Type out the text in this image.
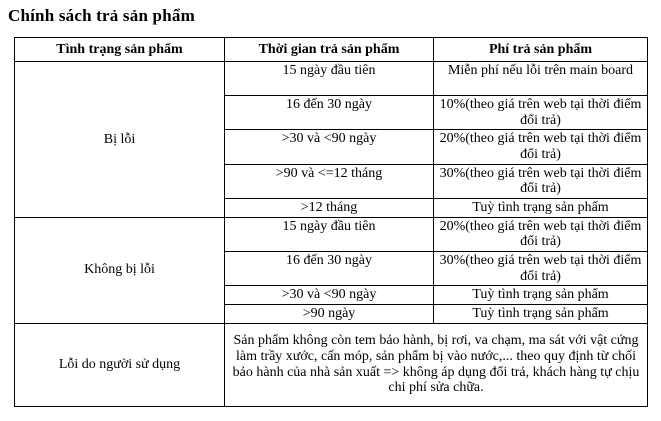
Chính sách trả sản phẩm
Tình trạng sản phẩm	Thời gian trả sản phẩm	Phí trả sản phẩm
Bị lỗi	15 ngày đầu tiên	Miễn phí nếu lỗi trên main board
	16 đến 30 ngày	10%(theo giá trên web tại thời điểm đổi trả)
	>30 và <90 ngày	20%(theo giá trên web tại thời điểm đổi trả)
	>90 và <=12 tháng	30%(theo giá trên web tại thời điểm đổi trả)
	>12 tháng	Tuỳ tình trạng sản phẩm
Không bị lỗi	15 ngày đầu tiên	20%(theo giá trên web tại thời điểm đổi trả)
	16 đến 30 ngày	30%(theo giá trên web tại thời điểm đổi trả)
	>30 và <90 ngày	Tuỳ tình trạng sản phẩm
	>90 ngày	Tuỳ tình trạng sản phẩm
Lỗi do người sử dụng	Sản phẩm không còn tem bảo hành, bị rơi, va chạm, ma sát với vật cứng làm trầy xước, cấn móp, sản phẩm bị vào nước,... theo quy định từ chối bảo hành của nhà sản xuất => không áp dụng đổi trả, khách hàng tự chịu chi phí sửa chữa.	
